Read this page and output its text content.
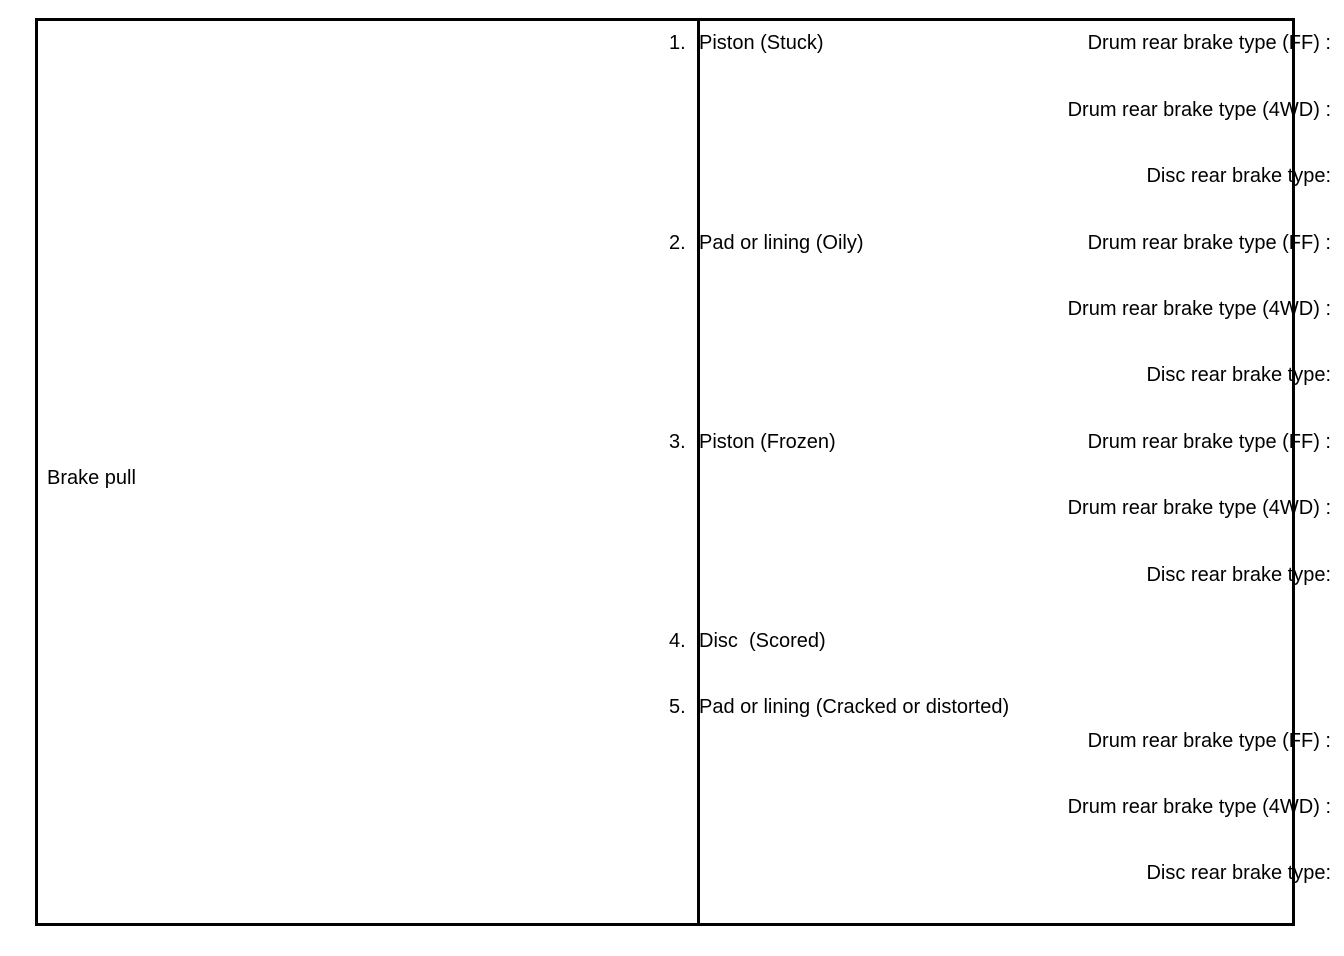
Brake pull
1. Piston (Stuck)	Drum rear brake type (FF) :
Drum rear brake type (4WD) :
Disc rear brake type:
2. Pad or lining (Oily)	Drum rear brake type (FF) :
Drum rear brake type (4WD) :
Disc rear brake type:
3. Piston (Frozen)	Drum rear brake type (FF) :
Drum rear brake type (4WD) :
Disc rear brake type:
4. Disc  (Scored)
5. Pad or lining (Cracked or distorted)
Drum rear brake type (FF) :
Drum rear brake type (4WD) :
Disc rear brake type:
